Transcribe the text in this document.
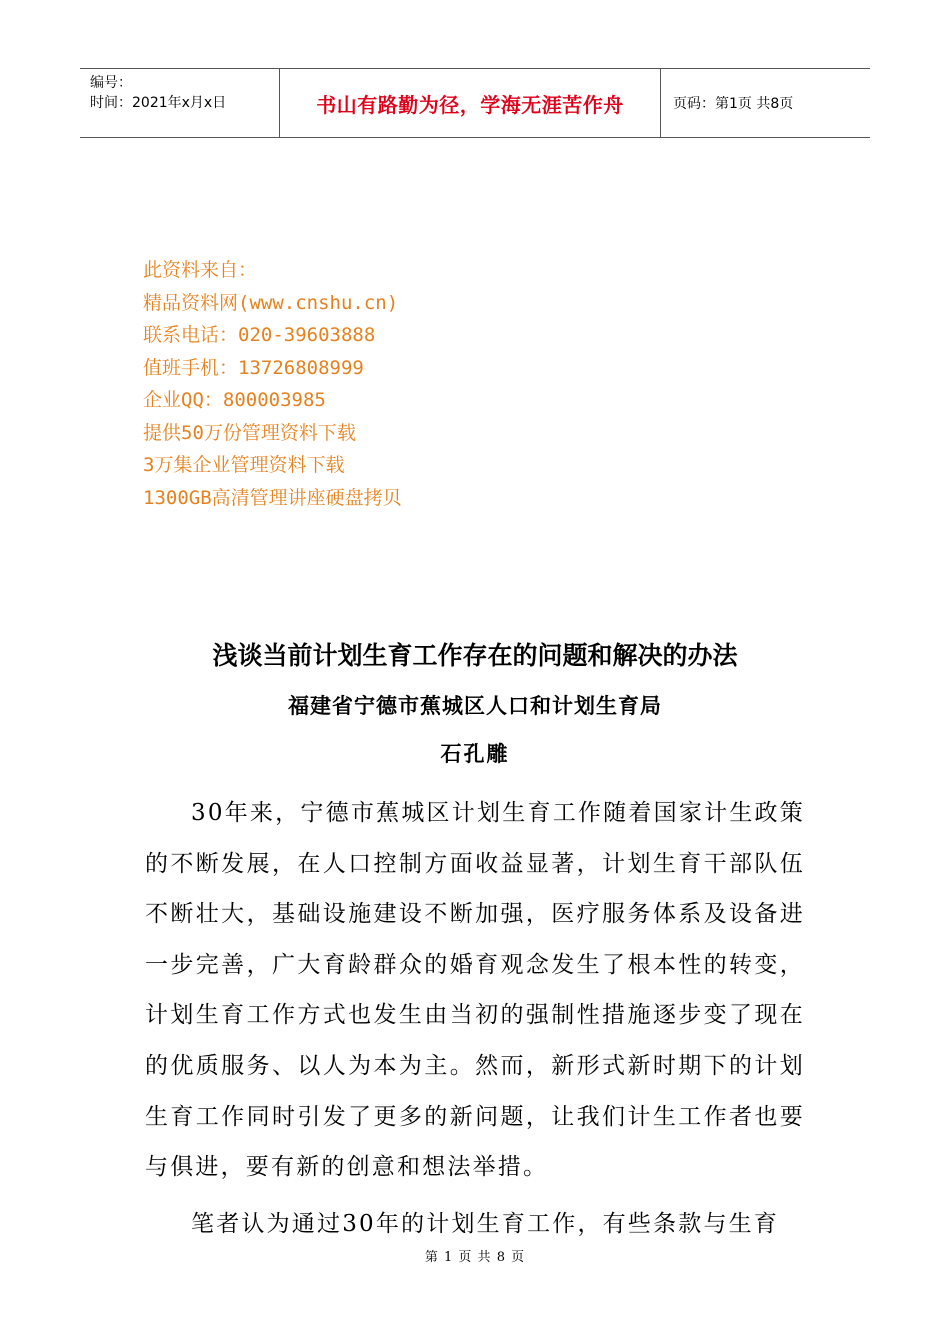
编号：
时间：2021年x月x日	书山有路勤为径，学海无涯苦作舟	页码：第1页 共8页
此资料来自：
精品资料网(www.cnshu.cn)
联系电话：020-39603888
值班手机：13726808999
企业QQ：800003985
提供50万份管理资料下载
3万集企业管理资料下载
1300GB高清管理讲座硬盘拷贝
浅谈当前计划生育工作存在的问题和解决的办法
福建省宁德市蕉城区人口和计划生育局
石孔雕

30年来，宁德市蕉城区计划生育工作随着国家计生政策的不断发展，在人口控制方面收益显著，计划生育干部队伍不断壮大，基础设施建设不断加强，医疗服务体系及设备进一步完善，广大育龄群众的婚育观念发生了根本性的转变，计划生育工作方式也发生由当初的强制性措施逐步变了现在的优质服务、以人为本为主。然而，新形式新时期下的计划生育工作同时引发了更多的新问题，让我们计生工作者也要与俱进，要有新的创意和想法举措。

笔者认为通过30年的计划生育工作，有些条款与生育

第 1 页 共 8 页
